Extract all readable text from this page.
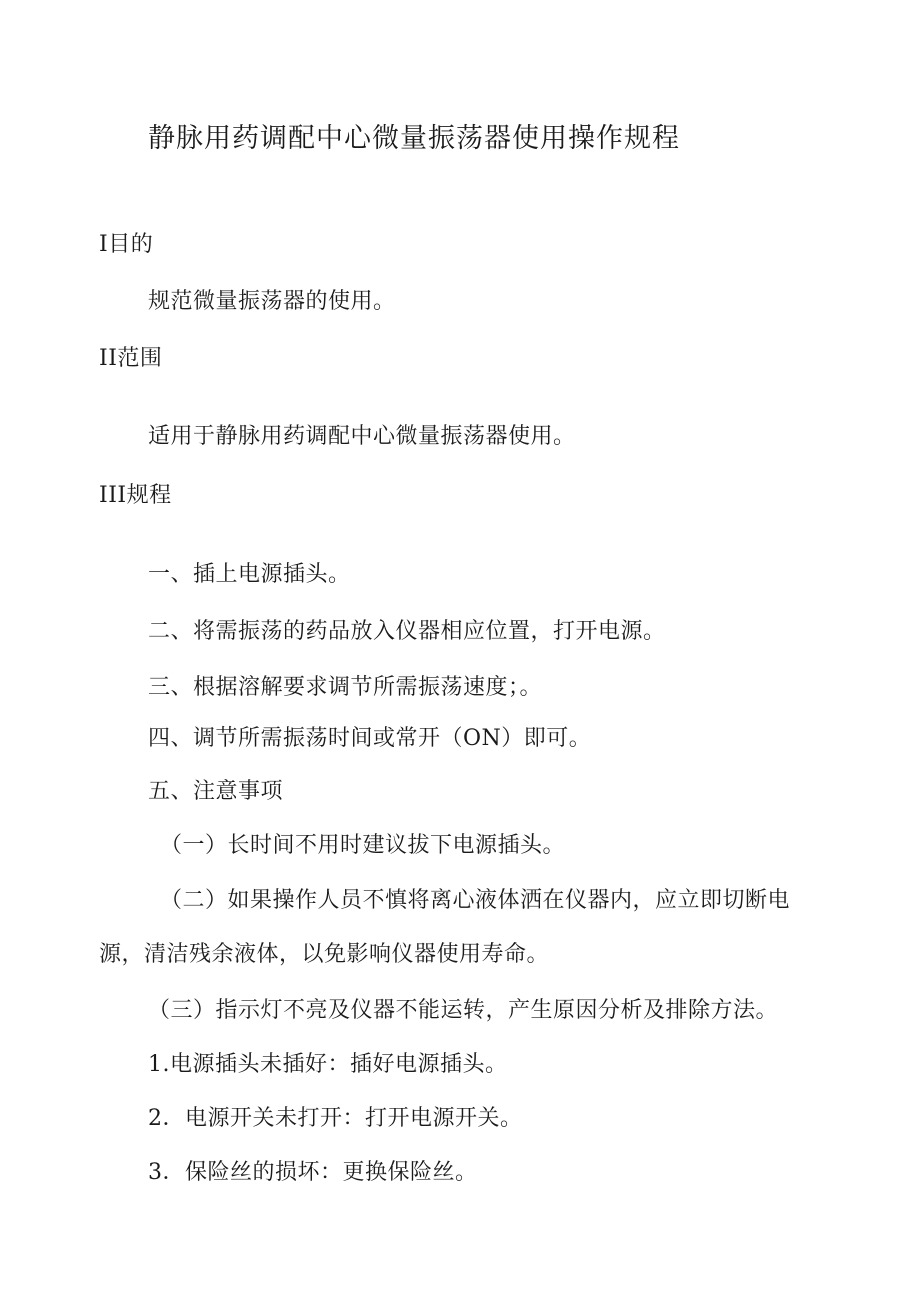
静脉用药调配中心微量振荡器使用操作规程
I目的
规范微量振荡器的使用。
II范围
适用于静脉用药调配中心微量振荡器使用。
III规程
一、插上电源插头。
二、将需振荡的药品放入仪器相应位置，打开电源。
三、根据溶解要求调节所需振荡速度；。
四、调节所需振荡时间或常开（ON）即可。
五、注意事项
（一）长时间不用时建议拔下电源插头。
（二）如果操作人员不慎将离心液体洒在仪器内，应立即切断电
源，清洁残余液体，以免影响仪器使用寿命。
（三）指示灯不亮及仪器不能运转，产生原因分析及排除方法。
1.电源插头未插好：插好电源插头。
2．电源开关未打开：打开电源开关。
3．保险丝的损坏：更换保险丝。
